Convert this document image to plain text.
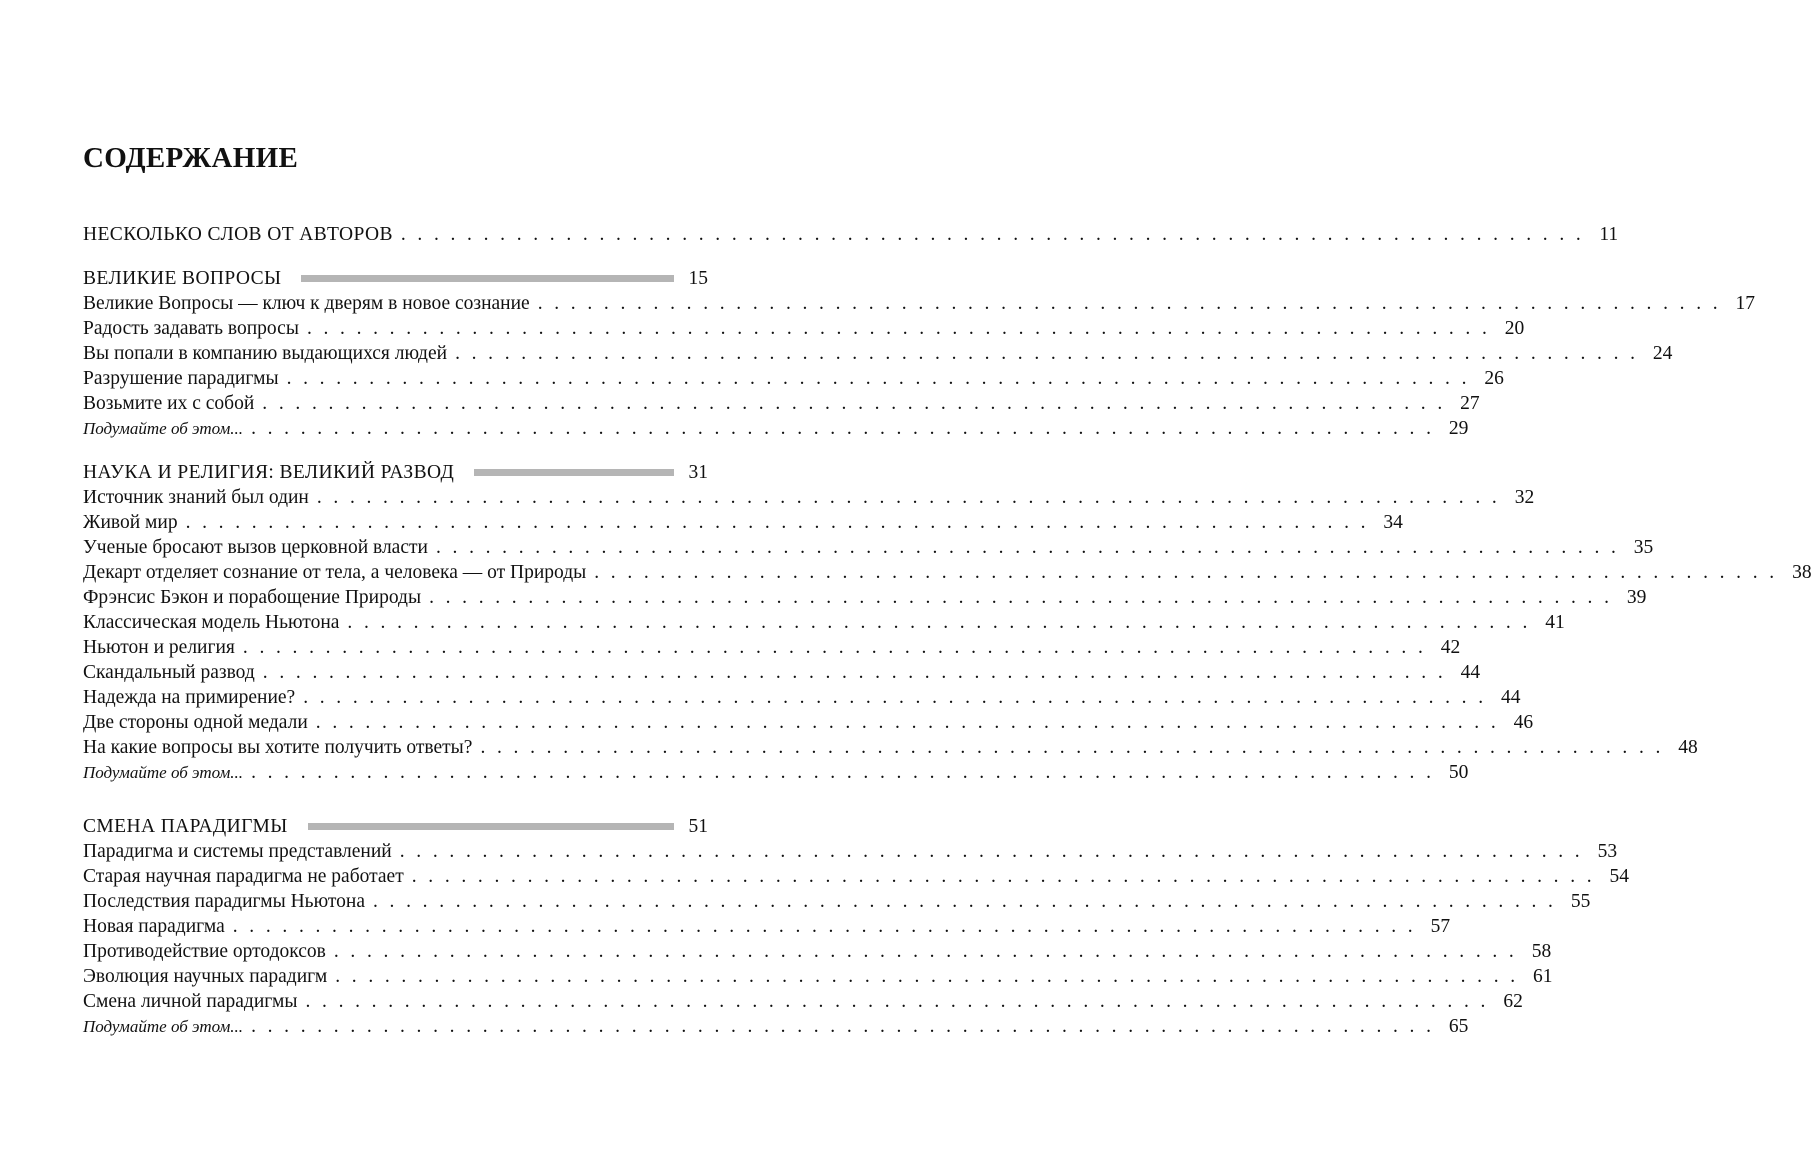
СОДЕРЖАНИЕ
НЕСКОЛЬКО СЛОВ ОТ АВТОРОВ . . . . . . . . . . . . . . . . . . . . . . . . . . . . . . . . . . . . . . . . . . . . . . . . . . . . . . . . . . . . . . . . . . . . . . . . 11
ВЕЛИКИЕ ВОПРОСЫ	15
Великие Вопросы — ключ к дверям в новое сознание . . . . . . . . . . . . . . . . . . . . . . . . . . . . . . . . . . . . . . . . . . . . . . . . . . . . . . . . . . . . . . . . . . . . . . . . 17
Радость задавать вопросы . . . . . . . . . . . . . . . . . . . . . . . . . . . . . . . . . . . . . . . . . . . . . . . . . . . . . . . . . . . . . . . . . . . . . . . . 20
Вы попали в компанию выдающихся людей . . . . . . . . . . . . . . . . . . . . . . . . . . . . . . . . . . . . . . . . . . . . . . . . . . . . . . . . . . . . . . . . . . . . . . . . 24
Разрушение парадигмы . . . . . . . . . . . . . . . . . . . . . . . . . . . . . . . . . . . . . . . . . . . . . . . . . . . . . . . . . . . . . . . . . . . . . . . . 26
Возьмите их с собой . . . . . . . . . . . . . . . . . . . . . . . . . . . . . . . . . . . . . . . . . . . . . . . . . . . . . . . . . . . . . . . . . . . . . . . . 27
Подумайте об этом... . . . . . . . . . . . . . . . . . . . . . . . . . . . . . . . . . . . . . . . . . . . . . . . . . . . . . . . . . . . . . . . . . . . . . . . . 29
НАУКА И РЕЛИГИЯ: ВЕЛИКИЙ РАЗВОД	31
Источник знаний был один . . . . . . . . . . . . . . . . . . . . . . . . . . . . . . . . . . . . . . . . . . . . . . . . . . . . . . . . . . . . . . . . . . . . . . . . 32
Живой мир . . . . . . . . . . . . . . . . . . . . . . . . . . . . . . . . . . . . . . . . . . . . . . . . . . . . . . . . . . . . . . . . . . . . . . . . 34
Ученые бросают вызов церковной власти . . . . . . . . . . . . . . . . . . . . . . . . . . . . . . . . . . . . . . . . . . . . . . . . . . . . . . . . . . . . . . . . . . . . . . . . 35
Декарт отделяет сознание от тела, а человека — от Природы . . . . . . . . . . . . . . . . . . . . . . . . . . . . . . . . . . . . . . . . . . . . . . . . . . . . . . . . . . . . . . . . . . . . . . . . 38
Фрэнсис Бэкон и порабощение Природы . . . . . . . . . . . . . . . . . . . . . . . . . . . . . . . . . . . . . . . . . . . . . . . . . . . . . . . . . . . . . . . . . . . . . . . . 39
Классическая модель Ньютона . . . . . . . . . . . . . . . . . . . . . . . . . . . . . . . . . . . . . . . . . . . . . . . . . . . . . . . . . . . . . . . . . . . . . . . . 41
Ньютон и религия . . . . . . . . . . . . . . . . . . . . . . . . . . . . . . . . . . . . . . . . . . . . . . . . . . . . . . . . . . . . . . . . . . . . . . . . 42
Скандальный развод . . . . . . . . . . . . . . . . . . . . . . . . . . . . . . . . . . . . . . . . . . . . . . . . . . . . . . . . . . . . . . . . . . . . . . . . 44
Надежда на примирение? . . . . . . . . . . . . . . . . . . . . . . . . . . . . . . . . . . . . . . . . . . . . . . . . . . . . . . . . . . . . . . . . . . . . . . . . 44
Две стороны одной медали . . . . . . . . . . . . . . . . . . . . . . . . . . . . . . . . . . . . . . . . . . . . . . . . . . . . . . . . . . . . . . . . . . . . . . . . 46
На какие вопросы вы хотите получить ответы? . . . . . . . . . . . . . . . . . . . . . . . . . . . . . . . . . . . . . . . . . . . . . . . . . . . . . . . . . . . . . . . . . . . . . . . . 48
Подумайте об этом... . . . . . . . . . . . . . . . . . . . . . . . . . . . . . . . . . . . . . . . . . . . . . . . . . . . . . . . . . . . . . . . . . . . . . . . . 50
СМЕНА ПАРАДИГМЫ	51
Парадигма и системы представлений . . . . . . . . . . . . . . . . . . . . . . . . . . . . . . . . . . . . . . . . . . . . . . . . . . . . . . . . . . . . . . . . . . . . . . . . 53
Старая научная парадигма не работает . . . . . . . . . . . . . . . . . . . . . . . . . . . . . . . . . . . . . . . . . . . . . . . . . . . . . . . . . . . . . . . . . . . . . . . . 54
Последствия парадигмы Ньютона . . . . . . . . . . . . . . . . . . . . . . . . . . . . . . . . . . . . . . . . . . . . . . . . . . . . . . . . . . . . . . . . . . . . . . . . 55
Новая парадигма . . . . . . . . . . . . . . . . . . . . . . . . . . . . . . . . . . . . . . . . . . . . . . . . . . . . . . . . . . . . . . . . . . . . . . . . 57
Противодействие ортодоксов . . . . . . . . . . . . . . . . . . . . . . . . . . . . . . . . . . . . . . . . . . . . . . . . . . . . . . . . . . . . . . . . . . . . . . . . 58
Эволюция научных парадигм . . . . . . . . . . . . . . . . . . . . . . . . . . . . . . . . . . . . . . . . . . . . . . . . . . . . . . . . . . . . . . . . . . . . . . . . 61
Смена личной парадигмы . . . . . . . . . . . . . . . . . . . . . . . . . . . . . . . . . . . . . . . . . . . . . . . . . . . . . . . . . . . . . . . . . . . . . . . . 62
Подумайте об этом... . . . . . . . . . . . . . . . . . . . . . . . . . . . . . . . . . . . . . . . . . . . . . . . . . . . . . . . . . . . . . . . . . . . . . . . . 65
